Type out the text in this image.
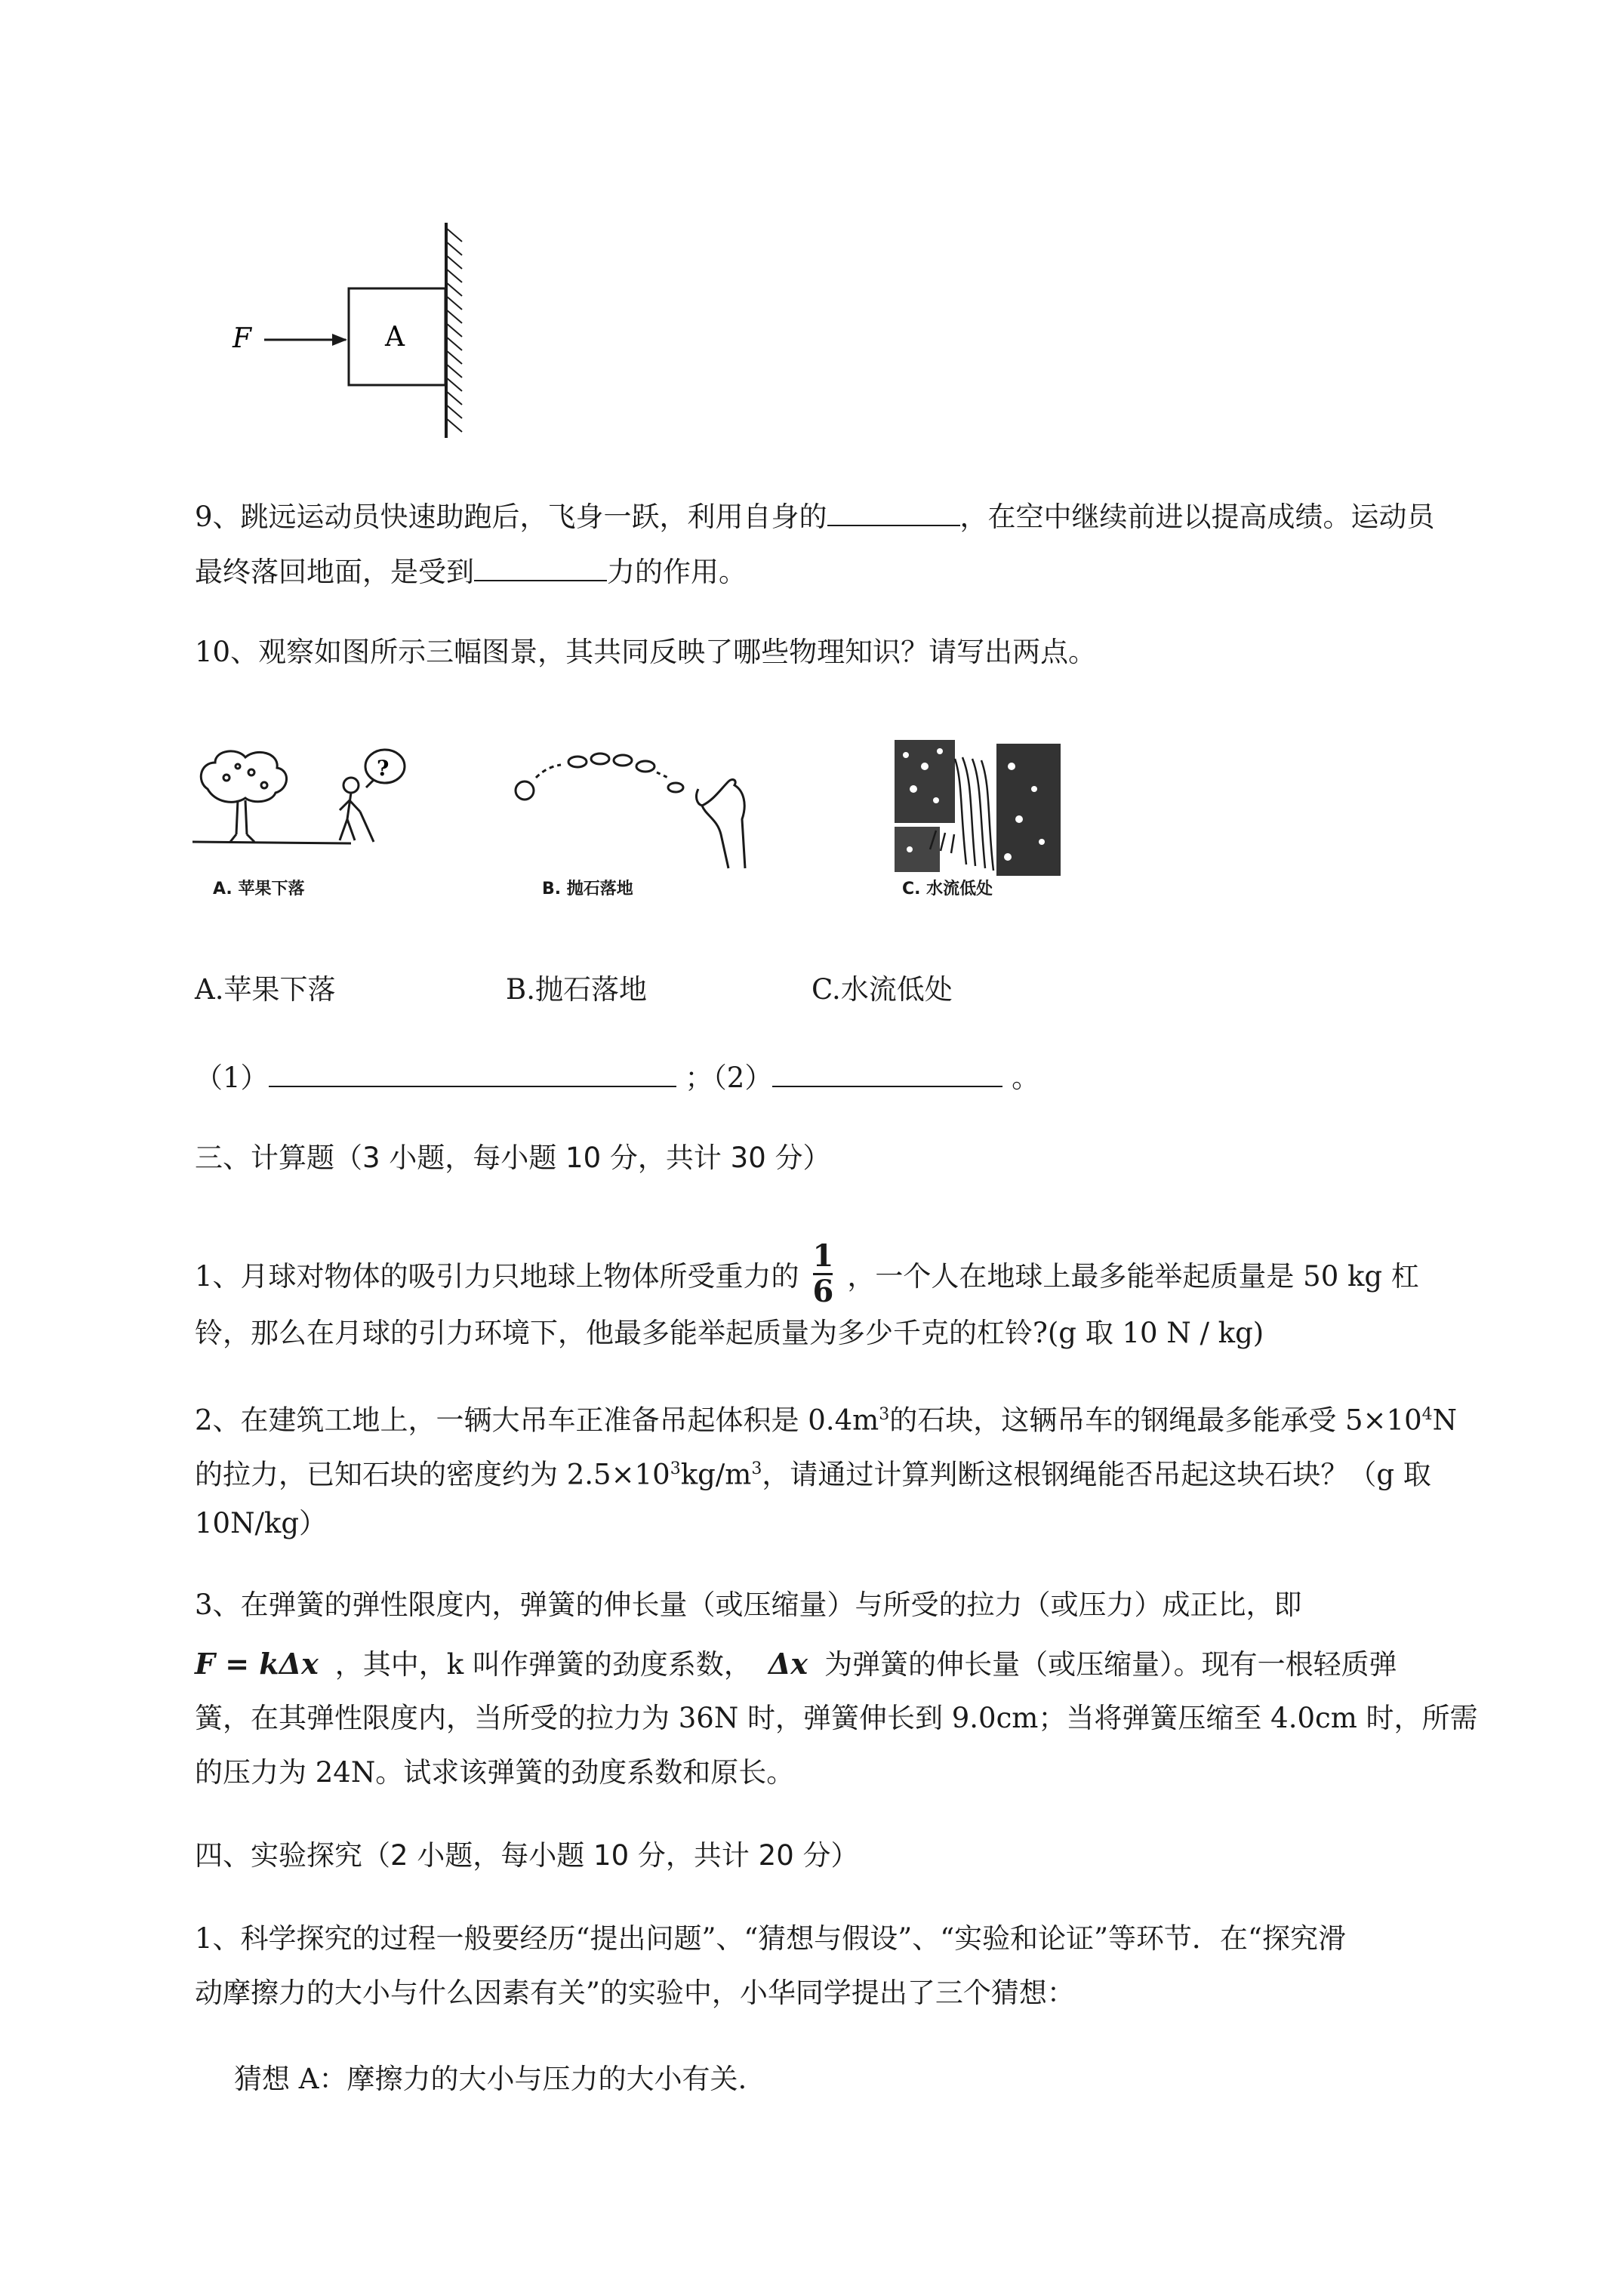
F	A
9、跳远运动员快速助跑后，飞身一跃，利用自身的	，在空中继续前进以提高成绩。运动员
最终落回地面，是受到	力的作用。
10、观察如图所示三幅图景，其共同反映了哪些物理知识？请写出两点。
?
A. 苹果下落	B. 抛石落地	C. 水流低处
A.苹果下落	B.抛石落地	C.水流低处
（1）	；（2）	。
三、计算题（3 小题，每小题 10 分，共计 30 分）
1、月球对物体的吸引力只地球上物体所受重力的 $\frac{1}{6}$ ，一个人在地球上最多能举起质量是 50 kg 杠
铃，那么在月球的引力环境下，他最多能举起质量为多少千克的杠铃?(g 取 10 N / kg)
2、在建筑工地上，一辆大吊车正准备吊起体积是 $0.4m^3$的石块，这辆吊车的钢绳最多能承受 $5\times 10^4N$
的拉力，已知石块的密度约为 $2.5\times 10^3kg/m^3$，请通过计算判断这根钢绳能否吊起这块石块？（g 取
10N/kg）
3、在弹簧的弹性限度内，弹簧的伸长量（或压缩量）与所受的拉力（或压力）成正比，即
F = kΔx ，其中，k 叫作弹簧的劲度系数， Δx 为弹簧的伸长量（或压缩量）。现有一根轻质弹
簧，在其弹性限度内，当所受的拉力为 36N 时，弹簧伸长到 9.0cm；当将弹簧压缩至 4.0cm 时，所需
的压力为 24N。试求该弹簧的劲度系数和原长。
四、实验探究（2 小题，每小题 10 分，共计 20 分）
1、科学探究的过程一般要经历“提出问题”、“猜想与假设”、“实验和论证”等环节．在“探究滑
动摩擦力的大小与什么因素有关”的实验中，小华同学提出了三个猜想：
猜想 A：摩擦力的大小与压力的大小有关.
